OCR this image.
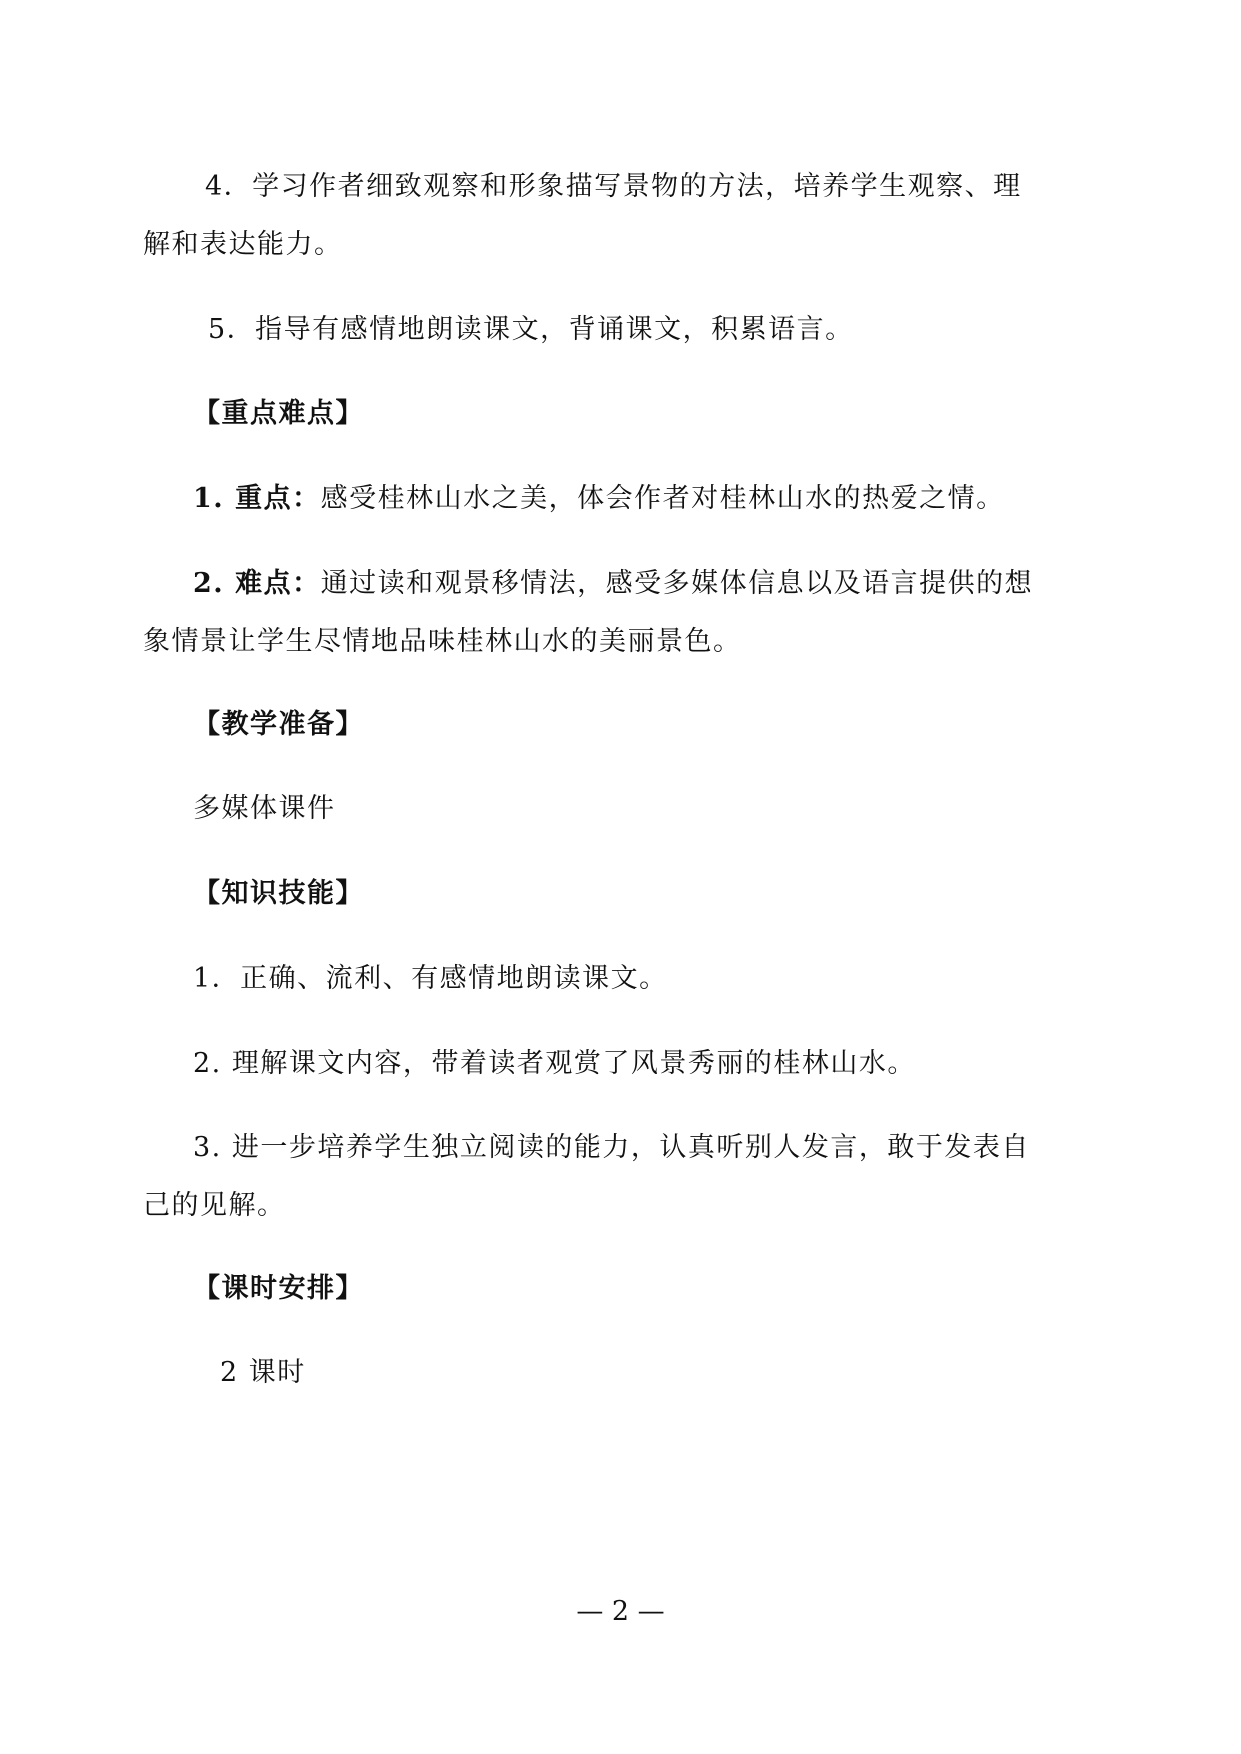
4．学习作者细致观察和形象描写景物的方法，培养学生观察、理
解和表达能力。
5．指导有感情地朗读课文，背诵课文，积累语言。
【重点难点】
1. 重点：感受桂林山水之美，体会作者对桂林山水的热爱之情。
2. 难点：通过读和观景移情法，感受多媒体信息以及语言提供的想
象情景让学生尽情地品味桂林山水的美丽景色。
【教学准备】
多媒体课件
【知识技能】
1．正确、流利、有感情地朗读课文。
2. 理解课文内容，带着读者观赏了风景秀丽的桂林山水。
3. 进一步培养学生独立阅读的能力，认真听别人发言，敢于发表自
己的见解。
【课时安排】
2 课时
— 2 —
